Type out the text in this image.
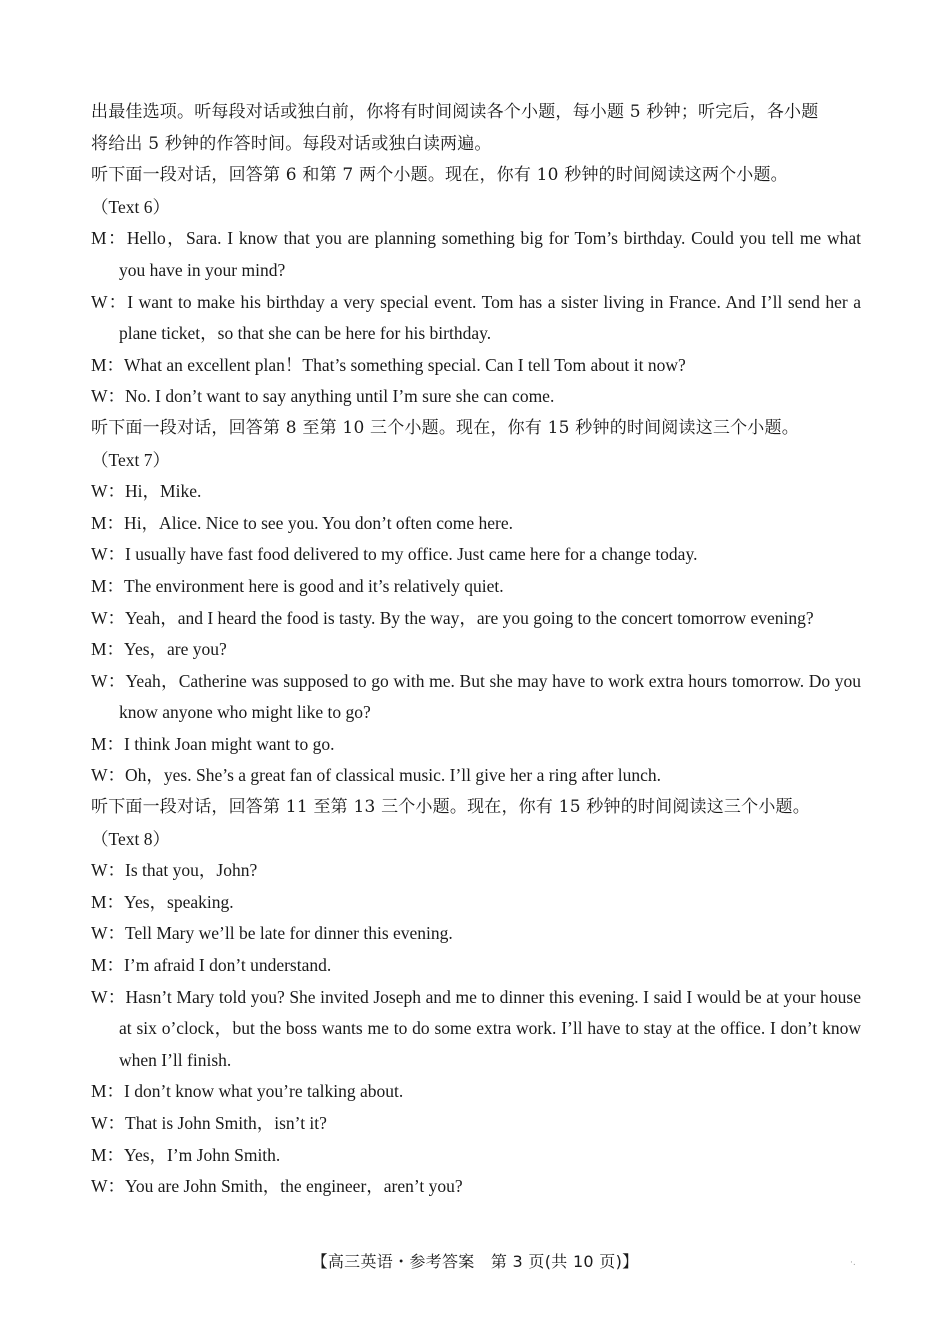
出最佳选项。听每段对话或独白前，你将有时间阅读各个小题，每小题 5 秒钟；听完后，各小题
将给出 5 秒钟的作答时间。每段对话或独白读两遍。
听下面一段对话，回答第 6 和第 7 两个小题。现在，你有 10 秒钟的时间阅读这两个小题。
（Text 6）
M：Hello，Sara. I know that you are planning something big for Tom’s birthday. Could you tell me what you have in your mind?
W：I want to make his birthday a very special event. Tom has a sister living in France. And I’ll send her a plane ticket，so that she can be here for his birthday.
M：What an excellent plan！That’s something special. Can I tell Tom about it now?
W：No. I don’t want to say anything until I’m sure she can come.
听下面一段对话，回答第 8 至第 10 三个小题。现在，你有 15 秒钟的时间阅读这三个小题。
（Text 7）
W：Hi，Mike.
M：Hi，Alice. Nice to see you. You don’t often come here.
W：I usually have fast food delivered to my office. Just came here for a change today.
M：The environment here is good and it’s relatively quiet.
W：Yeah，and I heard the food is tasty. By the way，are you going to the concert tomorrow evening?
M：Yes，are you?
W：Yeah，Catherine was supposed to go with me. But she may have to work extra hours tomorrow. Do you know anyone who might like to go?
M：I think Joan might want to go.
W：Oh，yes. She’s a great fan of classical music. I’ll give her a ring after lunch.
听下面一段对话，回答第 11 至第 13 三个小题。现在，你有 15 秒钟的时间阅读这三个小题。
（Text 8）
W：Is that you，John?
M：Yes，speaking.
W：Tell Mary we’ll be late for dinner this evening.
M：I’m afraid I don’t understand.
W：Hasn’t Mary told you? She invited Joseph and me to dinner this evening. I said I would be at your house at six o’clock，but the boss wants me to do some extra work. I’ll have to stay at the office. I don’t know when I’ll finish.
M：I don’t know what you’re talking about.
W：That is John Smith，isn’t it?
M：Yes，I’m John Smith.
W：You are John Smith，the engineer，aren’t you?
【高三英语・参考答案　第 3 页(共 10 页)】	·.
